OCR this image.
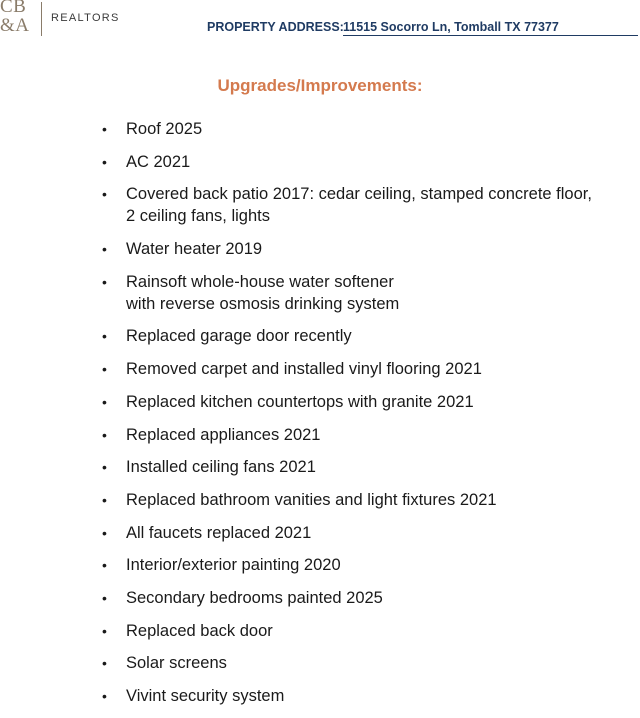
CB
&A	REALTORS
PROPERTY ADDRESS: 11515 Socorro Ln, Tomball TX 77377
Upgrades/Improvements:
• Roof 2025
• AC 2021
• Covered back patio 2017: cedar ceiling, stamped concrete floor,
2 ceiling fans, lights
• Water heater 2019
• Rainsoft whole-house water softener
with reverse osmosis drinking system
• Replaced garage door recently
• Removed carpet and installed vinyl flooring 2021
• Replaced kitchen countertops with granite 2021
• Replaced appliances 2021
• Installed ceiling fans 2021
• Replaced bathroom vanities and light fixtures 2021
• All faucets replaced 2021
• Interior/exterior painting 2020
• Secondary bedrooms painted 2025
• Replaced back door
• Solar screens
• Vivint security system
